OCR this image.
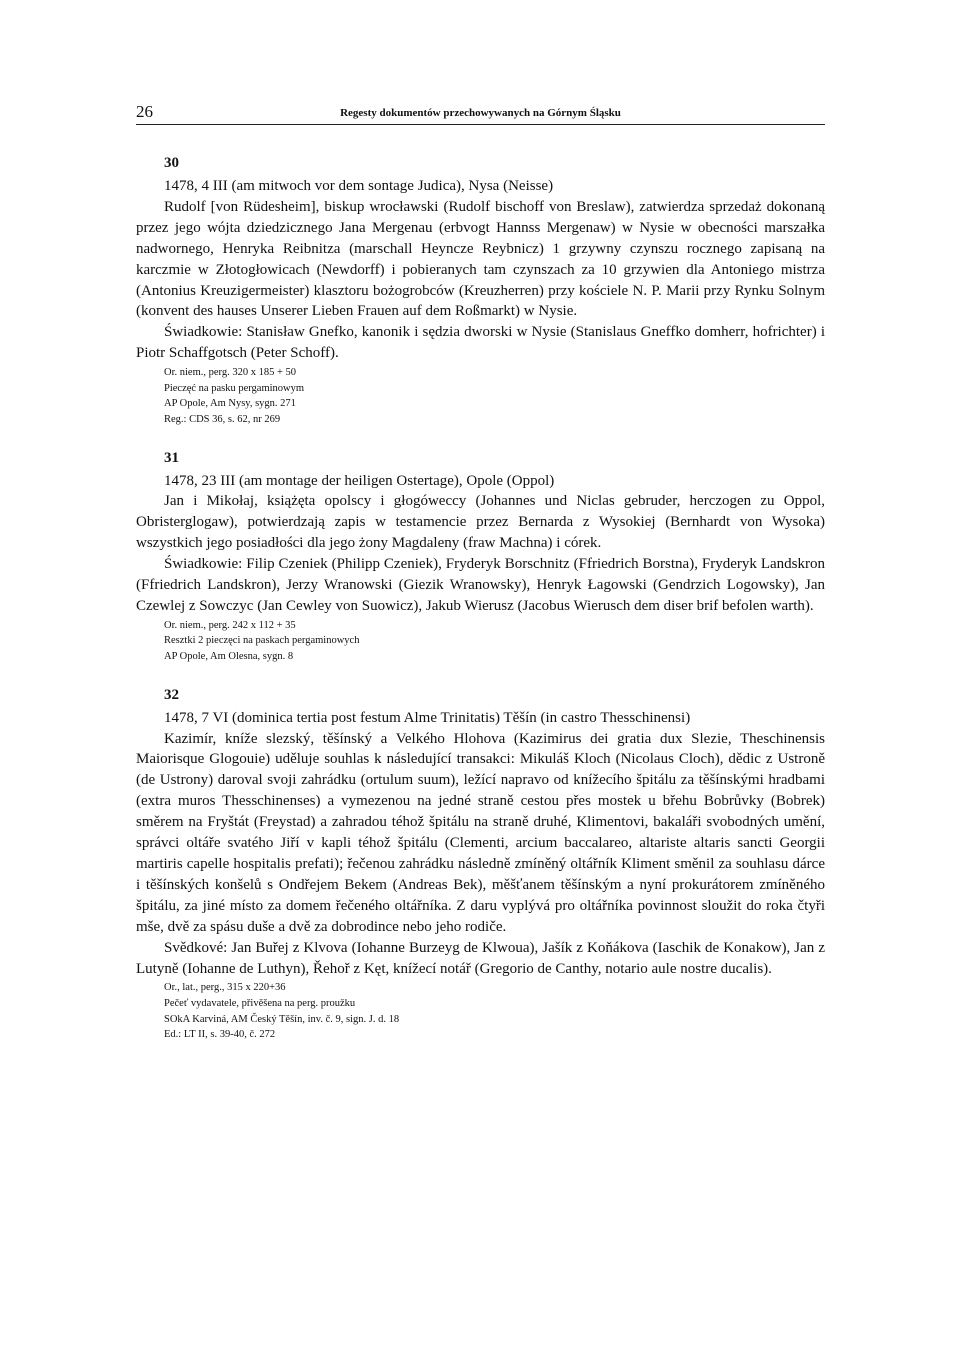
26	Regesty dokumentów przechowywanych na Górnym Śląsku
30

1478, 4 III (am mitwoch vor dem sontage Judica), Nysa (Neisse)

Rudolf [von Rüdesheim], biskup wrocławski (Rudolf bischoff von Breslaw), zatwierdza sprzedaż dokonaną przez jego wójta dziedzicznego Jana Mergenau (erbvogt Hannss Mergenaw) w Nysie w obecności marszałka nadwornego, Henryka Reibnitza (marschall Heyncze Reybnicz) 1 grzywny czynszu rocznego zapisaną na karczmie w Złotogłowicach (Newdorff) i pobieranych tam czynszach za 10 grzywien dla Antoniego mistrza (Antonius Kreuzigermeister) klasztoru bożogrobców (Kreuzherren) przy kościele N. P. Marii przy Rynku Solnym (konvent des hauses Unserer Lieben Frauen auf dem Roßmarkt) w Nysie.

Świadkowie: Stanisław Gnefko, kanonik i sędzia dworski w Nysie (Stanislaus Gneffko domherr, hofrichter) i Piotr Schaffgotsch (Peter Schoff).

Or. niem., perg. 320 x 185 + 50

Pieczęć na pasku pergaminowym

AP Opole, Am Nysy, sygn. 271

Reg.: CDS 36, s. 62, nr 269

31

1478, 23 III (am montage der heiligen Ostertage), Opole (Oppol)

Jan i Mikołaj, książęta opolscy i głogóweccy (Johannes und Niclas gebruder, herczogen zu Oppol, Obristerglogaw), potwierdzają zapis w testamencie przez Bernarda z Wysokiej (Bernhardt von Wysoka) wszystkich jego posiadłości dla jego żony Magdaleny (fraw Machna) i córek.

Świadkowie: Filip Czeniek (Philipp Czeniek), Fryderyk Borschnitz (Ffriedrich Borstna), Fryderyk Landskron (Ffriedrich Landskron), Jerzy Wranowski (Giezik Wranowsky), Henryk Łagowski (Gendrzich Logowsky), Jan Czewlej z Sowczyc (Jan Cewley von Suowicz), Jakub Wierusz (Jacobus Wierusch dem diser brif befolen warth).

Or. niem., perg. 242 x 112 + 35

Resztki 2 pieczęci na paskach pergaminowych

AP Opole, Am Olesna, sygn. 8

32

1478, 7 VI (dominica tertia post festum Alme Trinitatis) Těšín (in castro Thesschinensi)

Kazimír, kníže slezský, těšínský a Velkého Hlohova (Kazimirus dei gratia dux Slezie, Theschinensis Maiorisque Glogouie) uděluje souhlas k následující transakci: Mikuláš Kloch (Nicolaus Cloch), dědic z Ustroně (de Ustrony) daroval svoji zahrádku (ortulum suum), ležící napravo od knížecího špitálu za těšínskými hradbami (extra muros Thesschinenses) a vymezenou na jedné straně cestou přes mostek u břehu Bobrůvky (Bobrek) směrem na Fryštát (Freystad) a zahradou téhož špitálu na straně druhé, Klimentovi, bakaláři svobodných umění, správci oltáře svatého Jiří v kapli téhož špitálu (Clementi, arcium baccalareo, altariste altaris sancti Georgii martiris capelle hospitalis prefati); řečenou zahrádku následně zmíněný oltářník Kliment směnil za souhlasu dárce i těšínských konšelů s Ondřejem Bekem (Andreas Bek), měšťanem těšínským a nyní prokurátorem zmíněného špitálu, za jiné místo za domem řečeného oltářníka. Z daru vyplývá pro oltářníka povinnost sloužit do roka čtyři mše, dvě za spásu duše a dvě za dobrodince nebo jeho rodiče.

Svědkové: Jan Buřej z Klvova (Iohanne Burzeyg de Klwoua), Jašík z Koňákova (Iaschik de Konakow), Jan z Lutyně (Iohanne de Luthyn), Řehoř z Kęt, knížecí notář (Gregorio de Canthy, notario aule nostre ducalis).

Or., lat., perg., 315 x 220+36

Pečeť vydavatele, přivěšena na perg. proužku

SOkA Karviná, AM Český Těšín, inv. č. 9, sign. J. d. 18

Ed.: LT II, s. 39-40, č. 272
